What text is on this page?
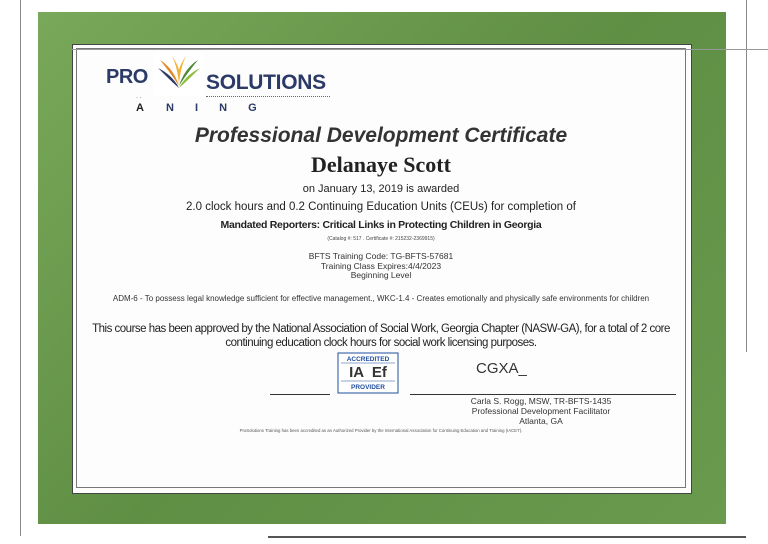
PRO	SOLUTIONS
· ·
A N I N G
Professional Development Certificate
Delanaye Scott
on January 13, 2019 is awarded
2.0 clock hours and 0.2 Continuing Education Units (CEUs) for completion of
Mandated Reporters: Critical Links in Protecting Children in Georgia
(Catalog #: 517 . Certificate #: 215232-2369915)
BFTS Training Code: TG-BFTS-57681
Training Class Expires:4/4/2023
Beginning Level
ADM-6 - To possess legal knowledge sufficient for effective management., WKC-1.4 - Creates emotionally and physically safe environments for children
This course has been approved by the National Association of Social Work, Georgia Chapter (NASW-GA), for a total of 2 core continuing education clock hours for social work licensing purposes.
ACCREDITED
IA  Ef
PROVIDER
CGXA_
Carla S. Rogg, MSW, TR-BFTS-1435
Professional Development Facilitator
Atlanta, GA
ProSolutions Training has been accredited as an Authorized Provider by the International Association for Continuing Education and Training (IACET).
